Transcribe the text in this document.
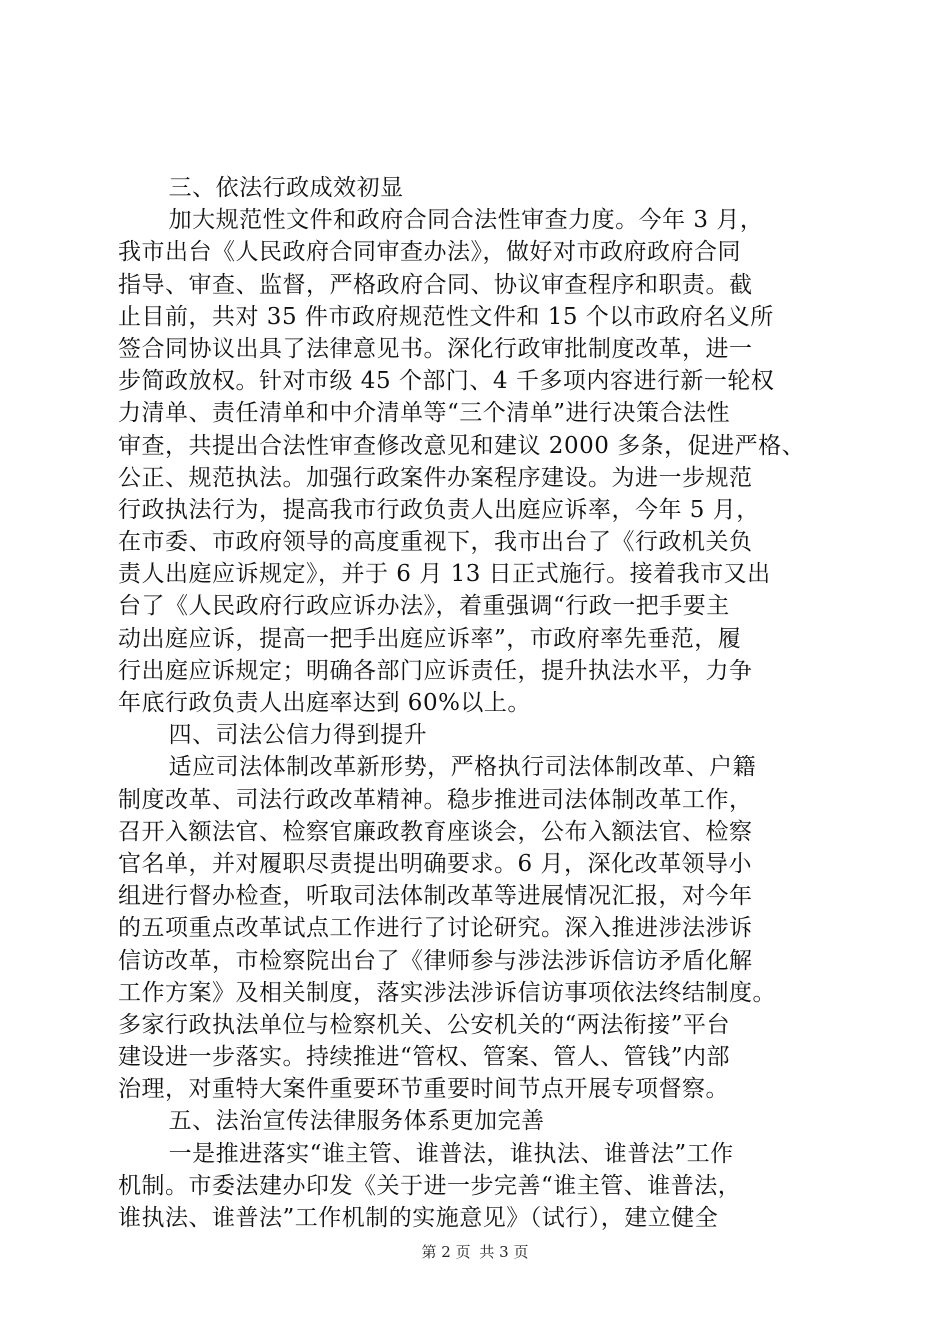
三、依法行政成效初显
加大规范性文件和政府合同合法性审查力度。今年 3 月，
我市出台《人民政府合同审查办法》，做好对市政府政府合同
指导、审查、监督，严格政府合同、协议审查程序和职责。截
止目前，共对 35 件市政府规范性文件和 15 个以市政府名义所
签合同协议出具了法律意见书。深化行政审批制度改革，进一
步简政放权。针对市级 45 个部门、4 千多项内容进行新一轮权
力清单、责任清单和中介清单等“三个清单”进行决策合法性
审查，共提出合法性审查修改意见和建议 2000 多条，促进严格、
公正、规范执法。加强行政案件办案程序建设。为进一步规范
行政执法行为，提高我市行政负责人出庭应诉率，今年 5 月，
在市委、市政府领导的高度重视下，我市出台了《行政机关负
责人出庭应诉规定》，并于 6 月 13 日正式施行。接着我市又出
台了《人民政府行政应诉办法》，着重强调“行政一把手要主
动出庭应诉，提高一把手出庭应诉率”，市政府率先垂范，履
行出庭应诉规定；明确各部门应诉责任，提升执法水平，力争
年底行政负责人出庭率达到 60%以上。
四、司法公信力得到提升
适应司法体制改革新形势，严格执行司法体制改革、户籍
制度改革、司法行政改革精神。稳步推进司法体制改革工作，
召开入额法官、检察官廉政教育座谈会，公布入额法官、检察
官名单，并对履职尽责提出明确要求。6 月，深化改革领导小
组进行督办检查，听取司法体制改革等进展情况汇报，对今年
的五项重点改革试点工作进行了讨论研究。深入推进涉法涉诉
信访改革，市检察院出台了《律师参与涉法涉诉信访矛盾化解
工作方案》及相关制度，落实涉法涉诉信访事项依法终结制度。
多家行政执法单位与检察机关、公安机关的“两法衔接”平台
建设进一步落实。持续推进“管权、管案、管人、管钱”内部
治理，对重特大案件重要环节重要时间节点开展专项督察。
五、法治宣传法律服务体系更加完善
一是推进落实“谁主管、谁普法，谁执法、谁普法”工作
机制。市委法建办印发《关于进一步完善“谁主管、谁普法，
谁执法、谁普法”工作机制的实施意见》（试行），建立健全
第 2 页 共 3 页
